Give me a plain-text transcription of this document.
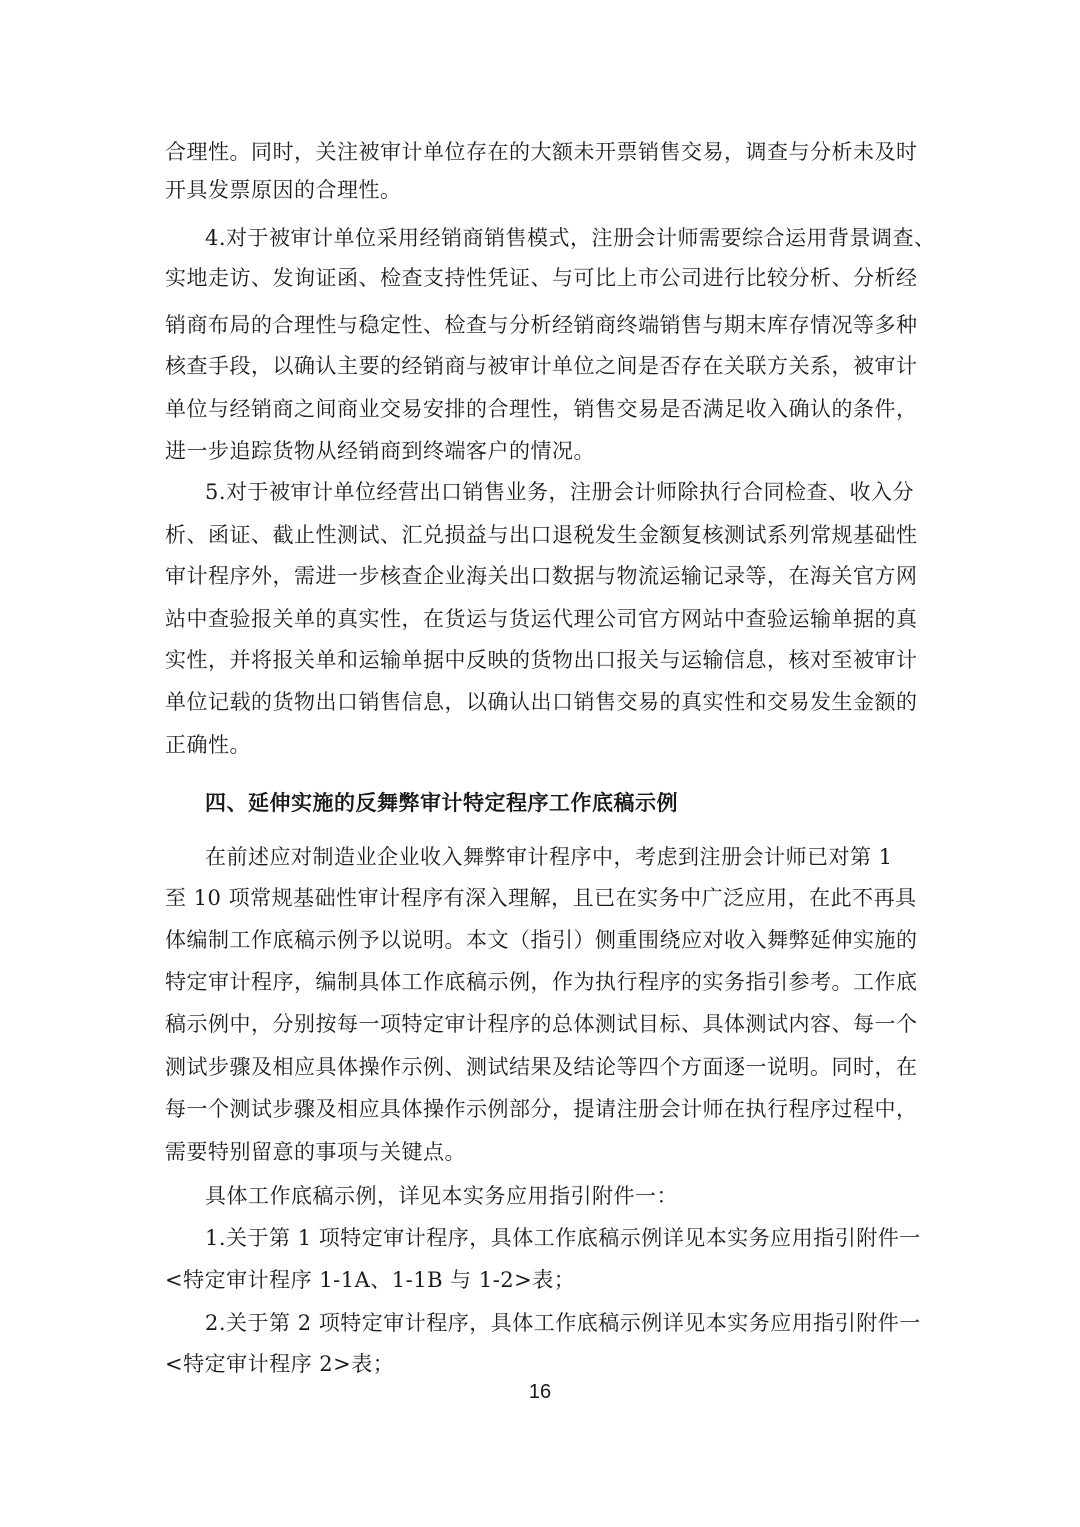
合理性。同时，关注被审计单位存在的大额未开票销售交易，调查与分析未及时
开具发票原因的合理性。
4.对于被审计单位采用经销商销售模式，注册会计师需要综合运用背景调查、
实地走访、发询证函、检查支持性凭证、与可比上市公司进行比较分析、分析经
销商布局的合理性与稳定性、检查与分析经销商终端销售与期末库存情况等多种
核查手段，以确认主要的经销商与被审计单位之间是否存在关联方关系，被审计
单位与经销商之间商业交易安排的合理性，销售交易是否满足收入确认的条件，
进一步追踪货物从经销商到终端客户的情况。
5.对于被审计单位经营出口销售业务，注册会计师除执行合同检查、收入分
析、函证、截止性测试、汇兑损益与出口退税发生金额复核测试系列常规基础性
审计程序外，需进一步核查企业海关出口数据与物流运输记录等，在海关官方网
站中查验报关单的真实性，在货运与货运代理公司官方网站中查验运输单据的真
实性，并将报关单和运输单据中反映的货物出口报关与运输信息，核对至被审计
单位记载的货物出口销售信息，以确认出口销售交易的真实性和交易发生金额的
正确性。
四、延伸实施的反舞弊审计特定程序工作底稿示例
在前述应对制造业企业收入舞弊审计程序中，考虑到注册会计师已对第 1
至 10 项常规基础性审计程序有深入理解，且已在实务中广泛应用，在此不再具
体编制工作底稿示例予以说明。本文（指引）侧重围绕应对收入舞弊延伸实施的
特定审计程序，编制具体工作底稿示例，作为执行程序的实务指引参考。工作底
稿示例中，分别按每一项特定审计程序的总体测试目标、具体测试内容、每一个
测试步骤及相应具体操作示例、测试结果及结论等四个方面逐一说明。同时，在
每一个测试步骤及相应具体操作示例部分，提请注册会计师在执行程序过程中，
需要特别留意的事项与关键点。
具体工作底稿示例，详见本实务应用指引附件一：
1.关于第 1 项特定审计程序，具体工作底稿示例详见本实务应用指引附件一
<特定审计程序 1-1A、1-1B 与 1-2>表；
2.关于第 2 项特定审计程序，具体工作底稿示例详见本实务应用指引附件一
<特定审计程序 2>表；
16
